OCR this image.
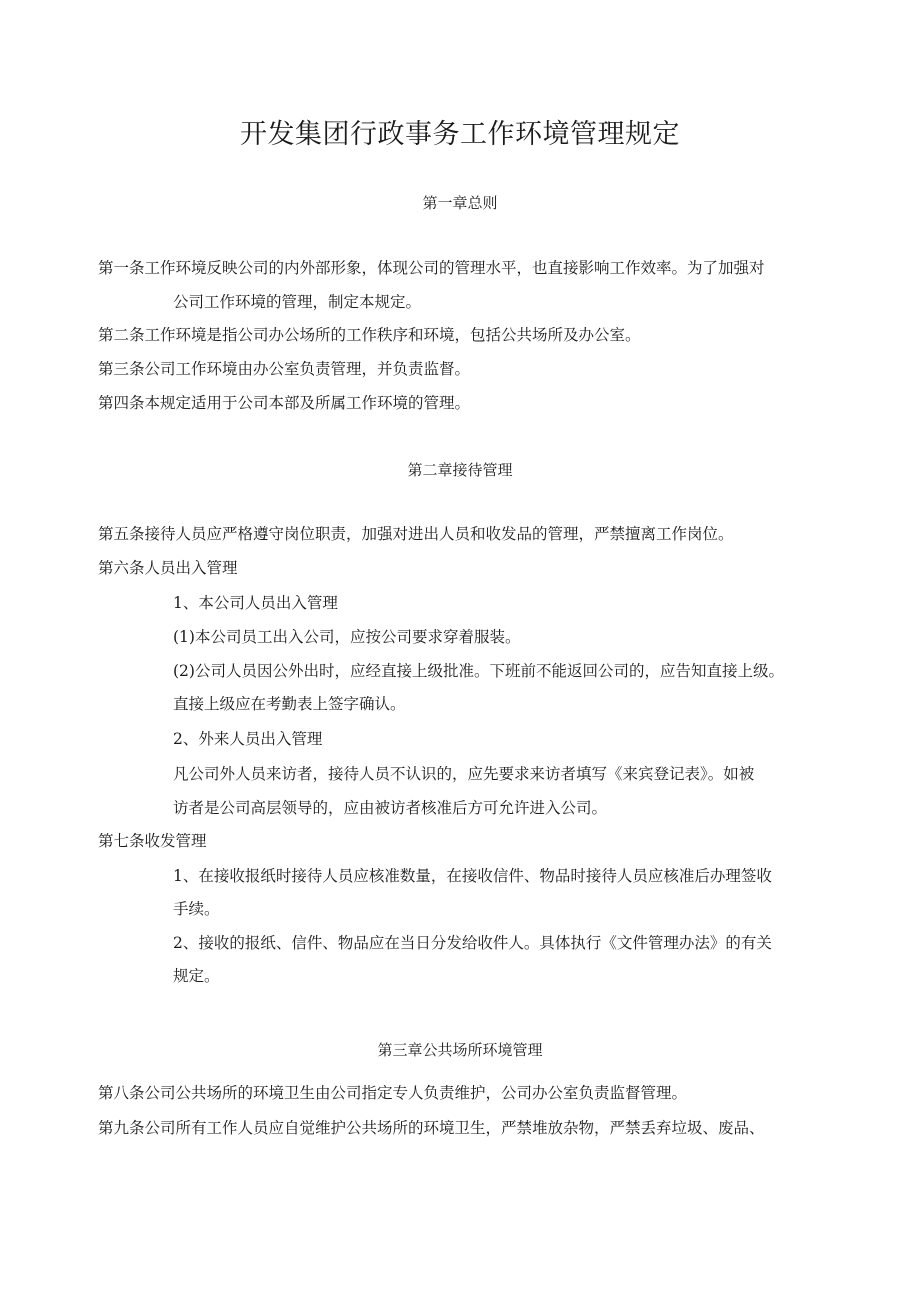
开发集团行政事务工作环境管理规定
第一章总则
第一条工作环境反映公司的内外部形象，体现公司的管理水平，也直接影响工作效率。为了加强对
公司工作环境的管理，制定本规定。
第二条工作环境是指公司办公场所的工作秩序和环境，包括公共场所及办公室。
第三条公司工作环境由办公室负责管理，并负责监督。
第四条本规定适用于公司本部及所属工作环境的管理。
第二章接待管理
第五条接待人员应严格遵守岗位职责，加强对进出人员和收发品的管理，严禁擅离工作岗位。
第六条人员出入管理
1、本公司人员出入管理
(1)本公司员工出入公司，应按公司要求穿着服装。
(2)公司人员因公外出时，应经直接上级批准。下班前不能返回公司的，应告知直接上级。
直接上级应在考勤表上签字确认。
2、外来人员出入管理
凡公司外人员来访者，接待人员不认识的，应先要求来访者填写《来宾登记表》。如被
访者是公司高层领导的，应由被访者核准后方可允许进入公司。
第七条收发管理
1、在接收报纸时接待人员应核准数量，在接收信件、物品时接待人员应核准后办理签收
手续。
2、接收的报纸、信件、物品应在当日分发给收件人。具体执行《文件管理办法》的有关
规定。
第三章公共场所环境管理
第八条公司公共场所的环境卫生由公司指定专人负责维护，公司办公室负责监督管理。
第九条公司所有工作人员应自觉维护公共场所的环境卫生，严禁堆放杂物，严禁丢弃垃圾、废品、
